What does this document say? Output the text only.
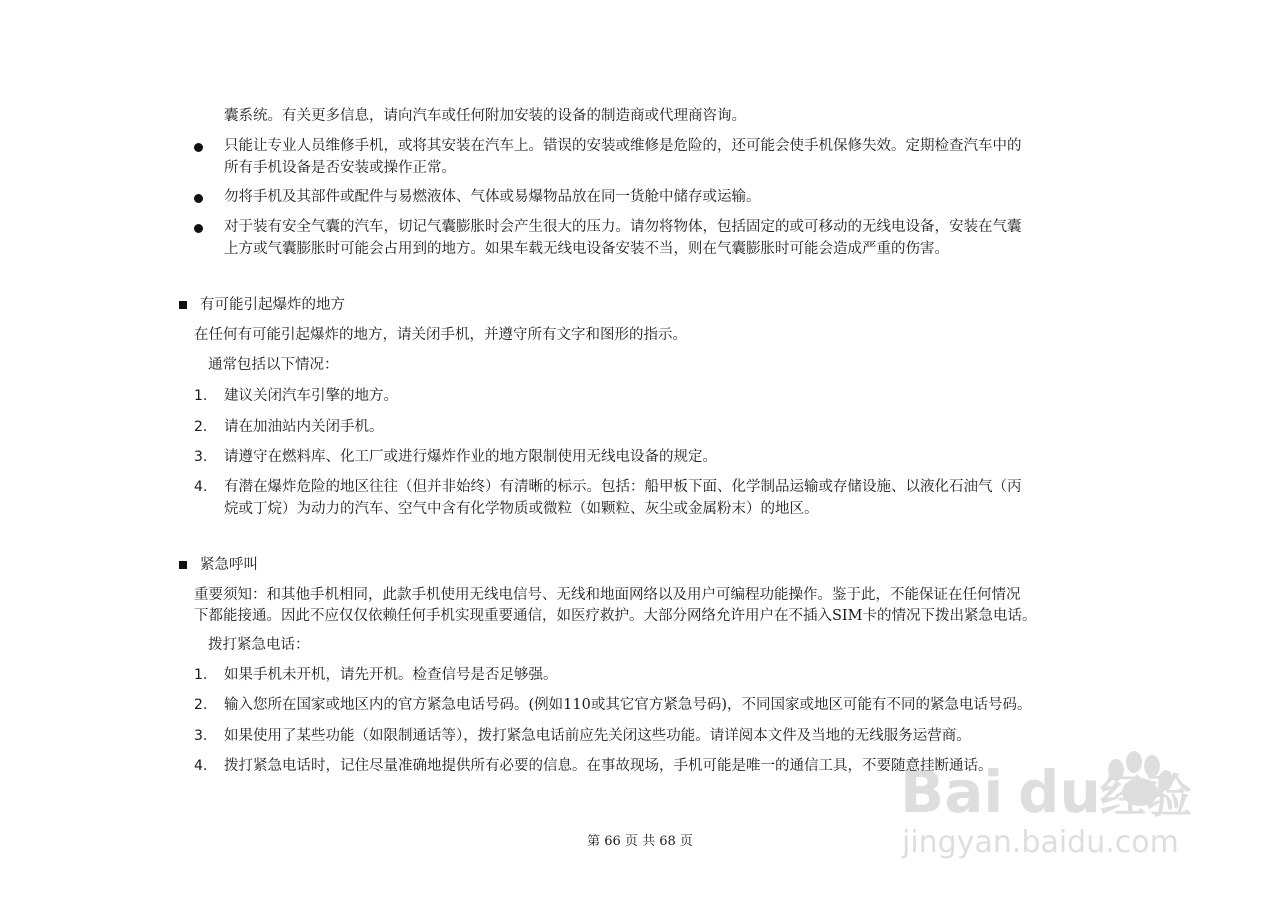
囊系统。有关更多信息，请向汽车或任何附加安装的设备的制造商或代理商咨询。
只能让专业人员维修手机，或将其安装在汽车上。错误的安装或维修是危险的，还可能会使手机保修失效。定期检查汽车中的
所有手机设备是否安装或操作正常。
勿将手机及其部件或配件与易燃液体、气体或易爆物品放在同一货舱中储存或运输。
对于装有安全气囊的汽车，切记气囊膨胀时会产生很大的压力。请勿将物体，包括固定的或可移动的无线电设备，安装在气囊
上方或气囊膨胀时可能会占用到的地方。如果车载无线电设备安装不当，则在气囊膨胀时可能会造成严重的伤害。
有可能引起爆炸的地方
在任何有可能引起爆炸的地方，请关闭手机，并遵守所有文字和图形的指示。
通常包括以下情况：
1. 建议关闭汽车引擎的地方。
2. 请在加油站内关闭手机。
3. 请遵守在燃料库、化工厂或进行爆炸作业的地方限制使用无线电设备的规定。
4. 有潜在爆炸危险的地区往往（但并非始终）有清晰的标示。包括：船甲板下面、化学制品运输或存储设施、以液化石油气（丙
烷或丁烷）为动力的汽车、空气中含有化学物质或微粒（如颗粒、灰尘或金属粉末）的地区。
紧急呼叫
重要须知：和其他手机相同，此款手机使用无线电信号、无线和地面网络以及用户可编程功能操作。鉴于此，不能保证在任何情况
下都能接通。因此不应仅仅依赖任何手机实现重要通信，如医疗救护。大部分网络允许用户在不插入SIM卡的情况下拨出紧急电话。
拨打紧急电话：
1. 如果手机未开机，请先开机。检查信号是否足够强。
2. 输入您所在国家或地区内的官方紧急电话号码。(例如110或其它官方紧急号码)，不同国家或地区可能有不同的紧急电话号码。
3. 如果使用了某些功能（如限制通话等），拨打紧急电话前应先关闭这些功能。请详阅本文件及当地的无线服务运营商。
4. 拨打紧急电话时，记住尽量准确地提供所有必要的信息。在事故现场，手机可能是唯一的通信工具，不要随意挂断通话。
第 66 页 共 68 页
Bai du 经验
jingyan.baidu.com
